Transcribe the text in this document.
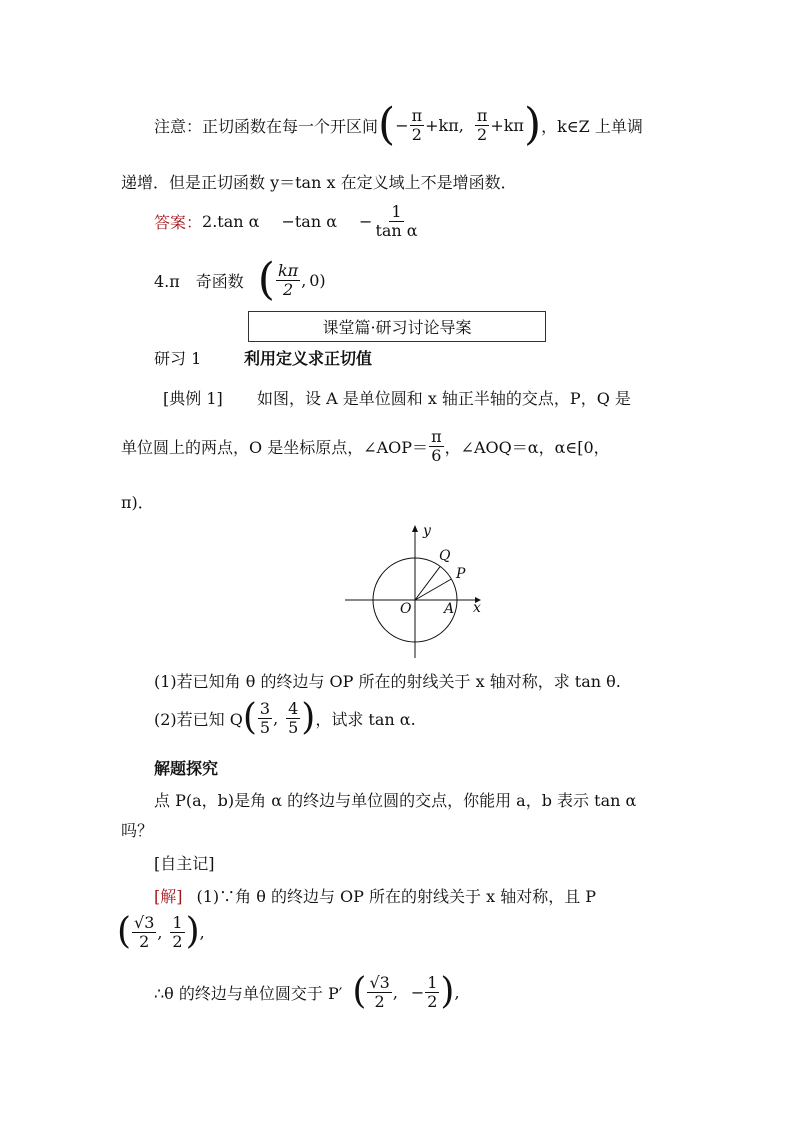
注意：正切函数在每一个开区间 ( − $\frac{\pi}{2} +k\pi$, $\frac{\pi}{2} +k\pi$ ) ，k∈Z 上单调
递增．但是正切函数 y＝tan x 在定义域上不是增函数．
答案： 2.tan α −tan $\alpha - \frac{1}{\text{tan α}}$
4.π　奇函数 ( $\frac{k\pi}{2}$ , 0)
课堂篇·研习讨论导案
研习 1	利用定义求正切值
[典例 1] 如图，设 A 是单位圆和 x 轴正半轴的交点，P，Q 是
单位圆上的两点，O 是坐标原点，∠AOP＝ $\frac{\pi}{6}$ ，∠AOQ＝α，α∈[0，
π)．
y
x
O A
P
Q
(1)若已知角 θ 的终边与 OP 所在的射线关于 x 轴对称，求 tan θ.
(2)若已知 Q ( $\frac{3}{5}$ , $\frac{4}{5}$ ) ，试求 tan α.
解题探究
点 P(a，b)是角 α 的终边与单位圆的交点，你能用 a，b 表示 tan α
吗？
[自主记]
[解] (1)∵角 θ 的终边与 OP 所在的射线关于 x 轴对称，且 P
( $\frac{√3}{2}$ , $\frac{1}{2}$ ) ,
∴θ 的终边与单位圆交于 P′ ( $\frac{√3}{2}$ , − $\frac{1}{2}$ ) ,
